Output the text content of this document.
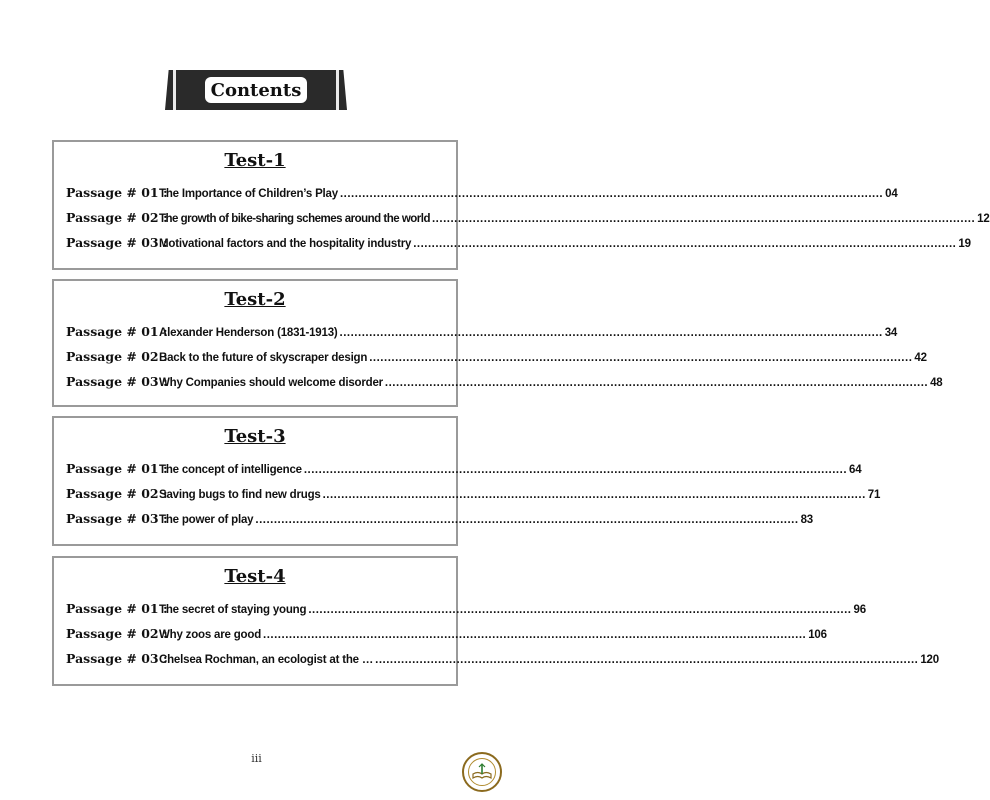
Contents
Test-1
Passage # 01 :
The Importance of Children’s Play .....	04
Passage # 02 :
The growth of bike-sharing schemes around the world .....	12
Passage # 03 :
Motivational factors and the hospitality industry .....	19
Test-2
Passage # 01 :
Alexander Henderson (1831-1913) .....	34
Passage # 02 :
Back to the future of skyscraper design .....	42
Passage # 03 :
Why Companies should welcome disorder .....	48
Test-3
Passage # 01 :
The concept of intelligence .....	64
Passage # 02 :
Saving bugs to find new drugs .....	71
Passage # 03 :
The power of play .....	83
Test-4
Passage # 01 :
The secret of staying young .....	96
Passage # 02 :
Why zoos are good .....	106
Passage # 03 :
Chelsea Rochman, an ecologist at the … .....	120
iii
